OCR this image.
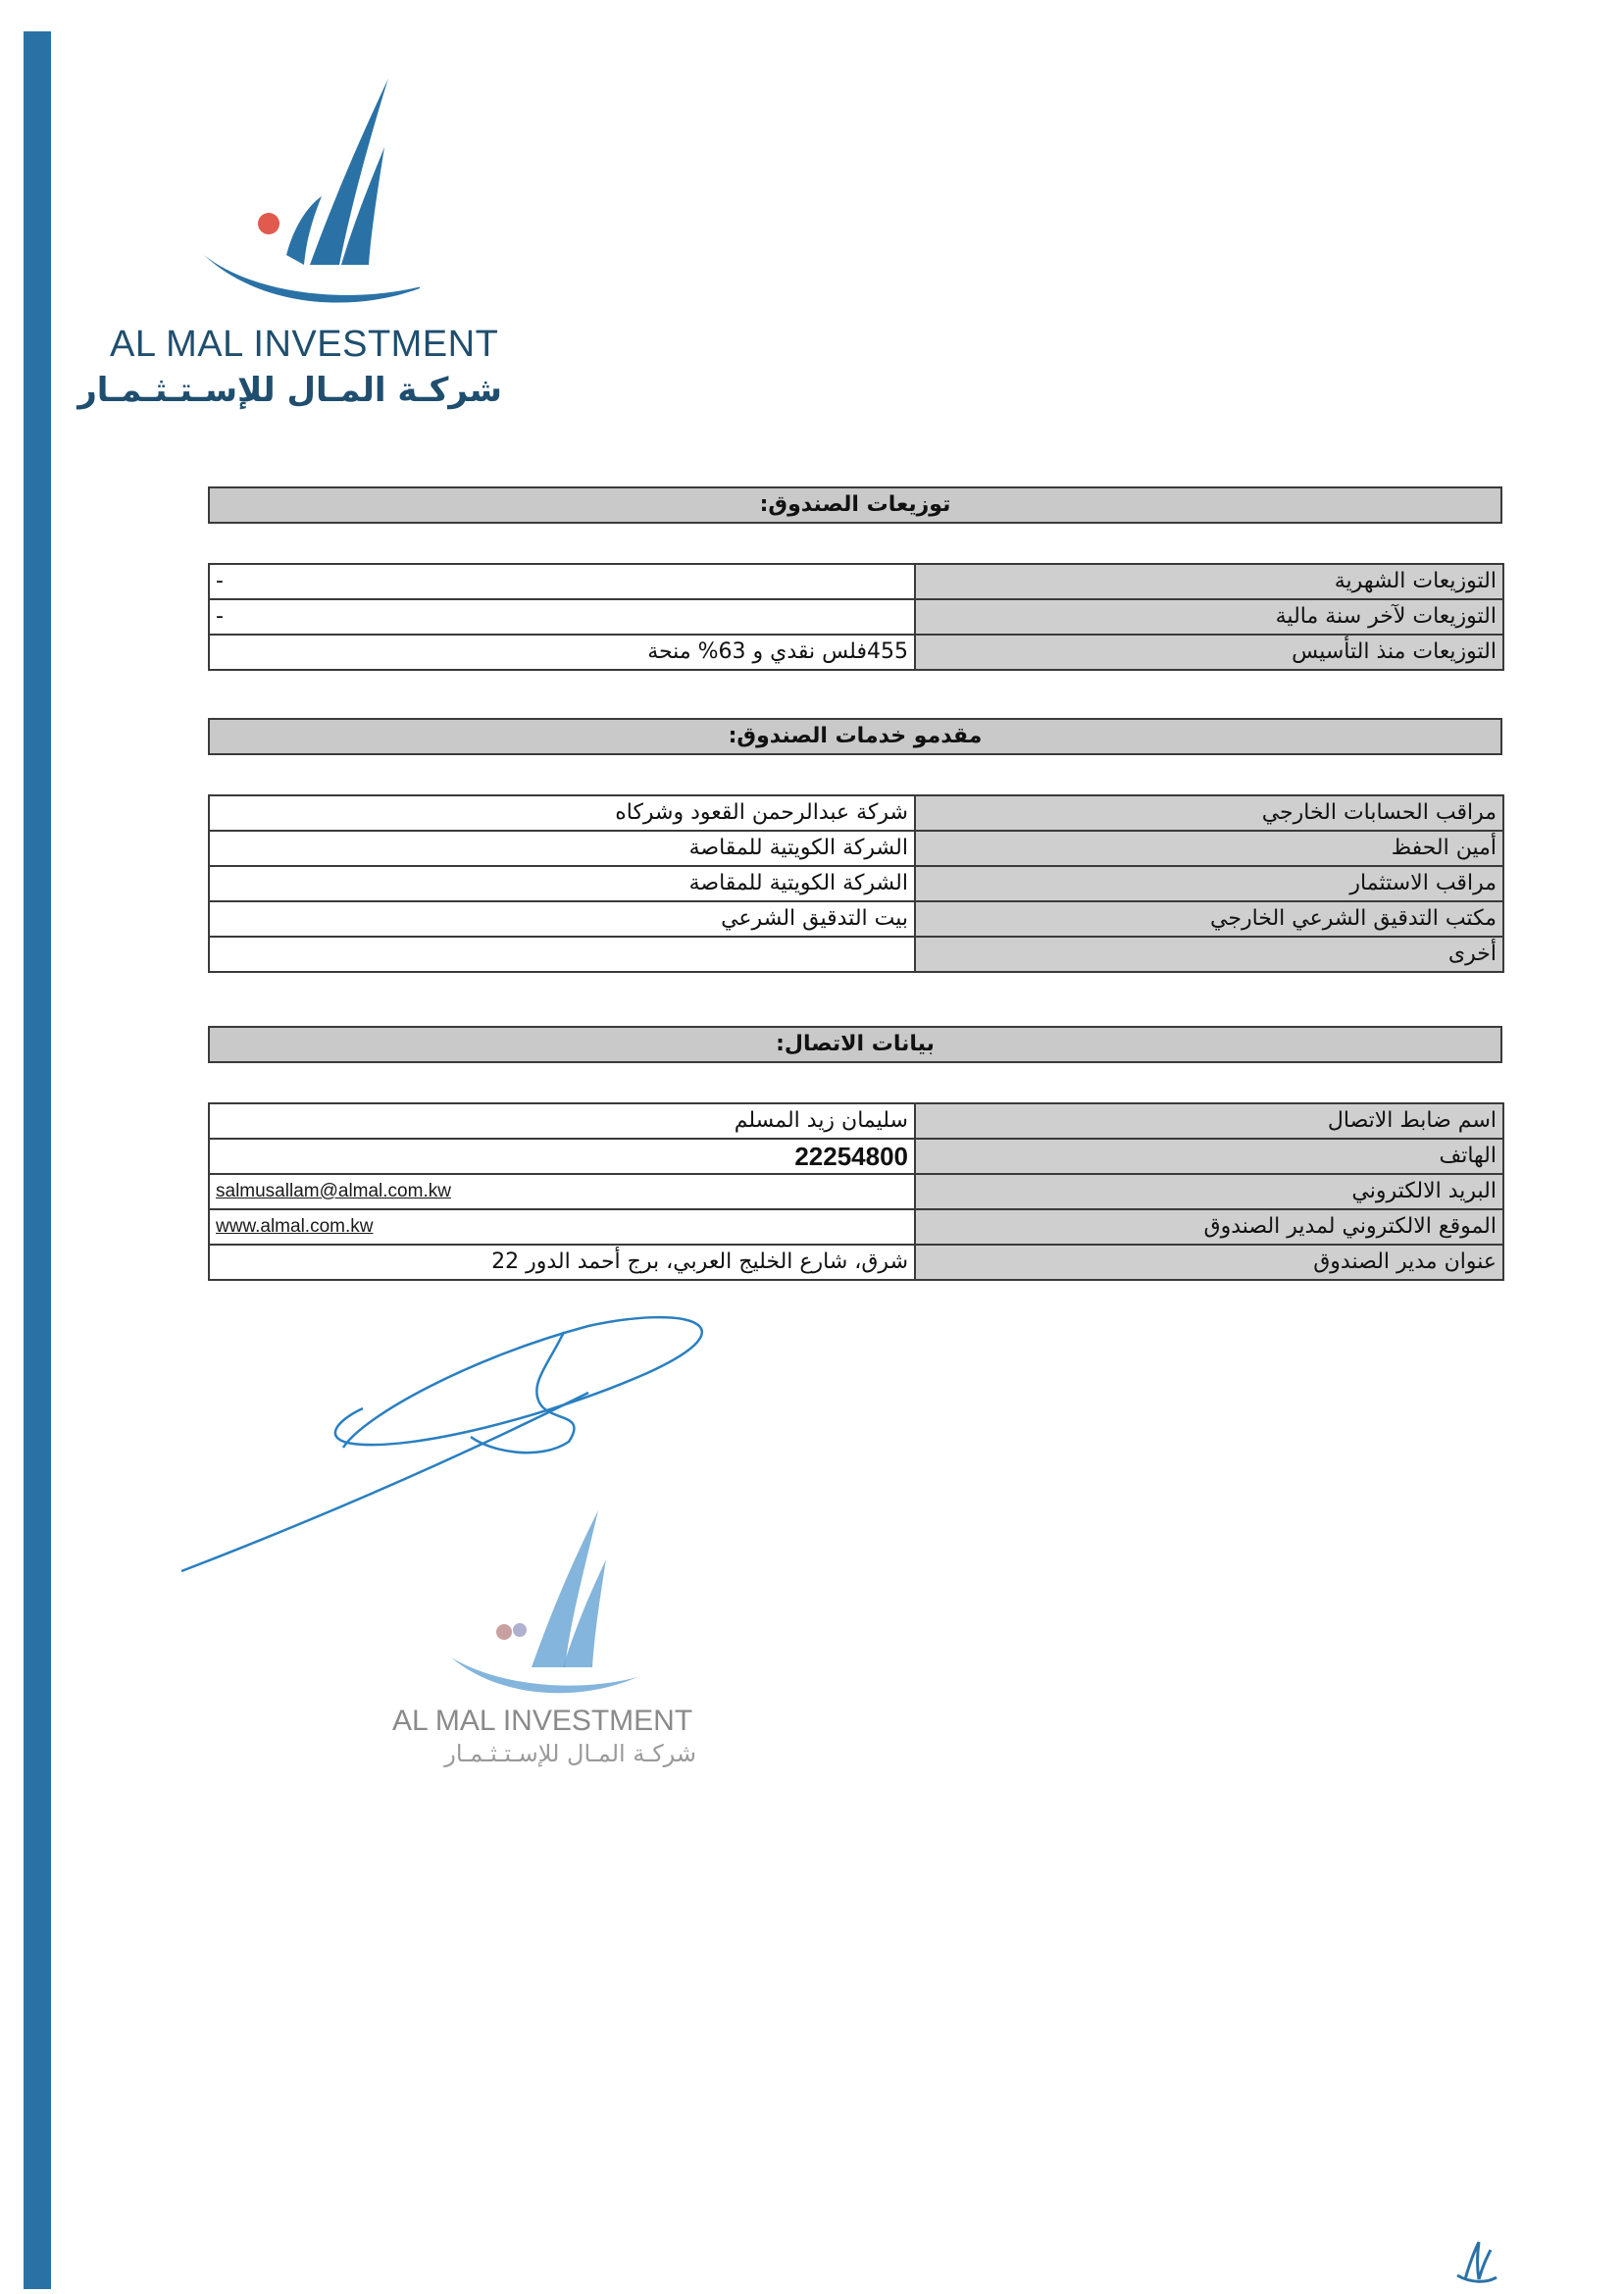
AL MAL INVESTMENT
شركـة المـال للإسـتـثـمـار
توزيعات الصندوق:
التوزيعات الشهرية	-
التوزيعات لآخر سنة مالية	-
التوزيعات منذ التأسيس	455فلس نقدي و 63% منحة
مقدمو خدمات الصندوق:
مراقب الحسابات الخارجي	شركة عبدالرحمن القعود وشركاه
أمين الحفظ	الشركة الكويتية للمقاصة
مراقب الاستثمار	الشركة الكويتية للمقاصة
مكتب التدقيق الشرعي الخارجي	بيت التدقيق الشرعي
أخرى	
بيانات الاتصال:
اسم ضابط الاتصال	سليمان زيد المسلم
الهاتف	22254800
البريد الالكتروني	salmusallam@almal.com.kw
الموقع الالكتروني لمدير الصندوق	www.almal.com.kw
عنوان مدير الصندوق	شرق، شارع الخليج العربي، برج أحمد الدور 22
AL MAL INVESTMENT
شركـة المـال للإسـتـثـمـار
